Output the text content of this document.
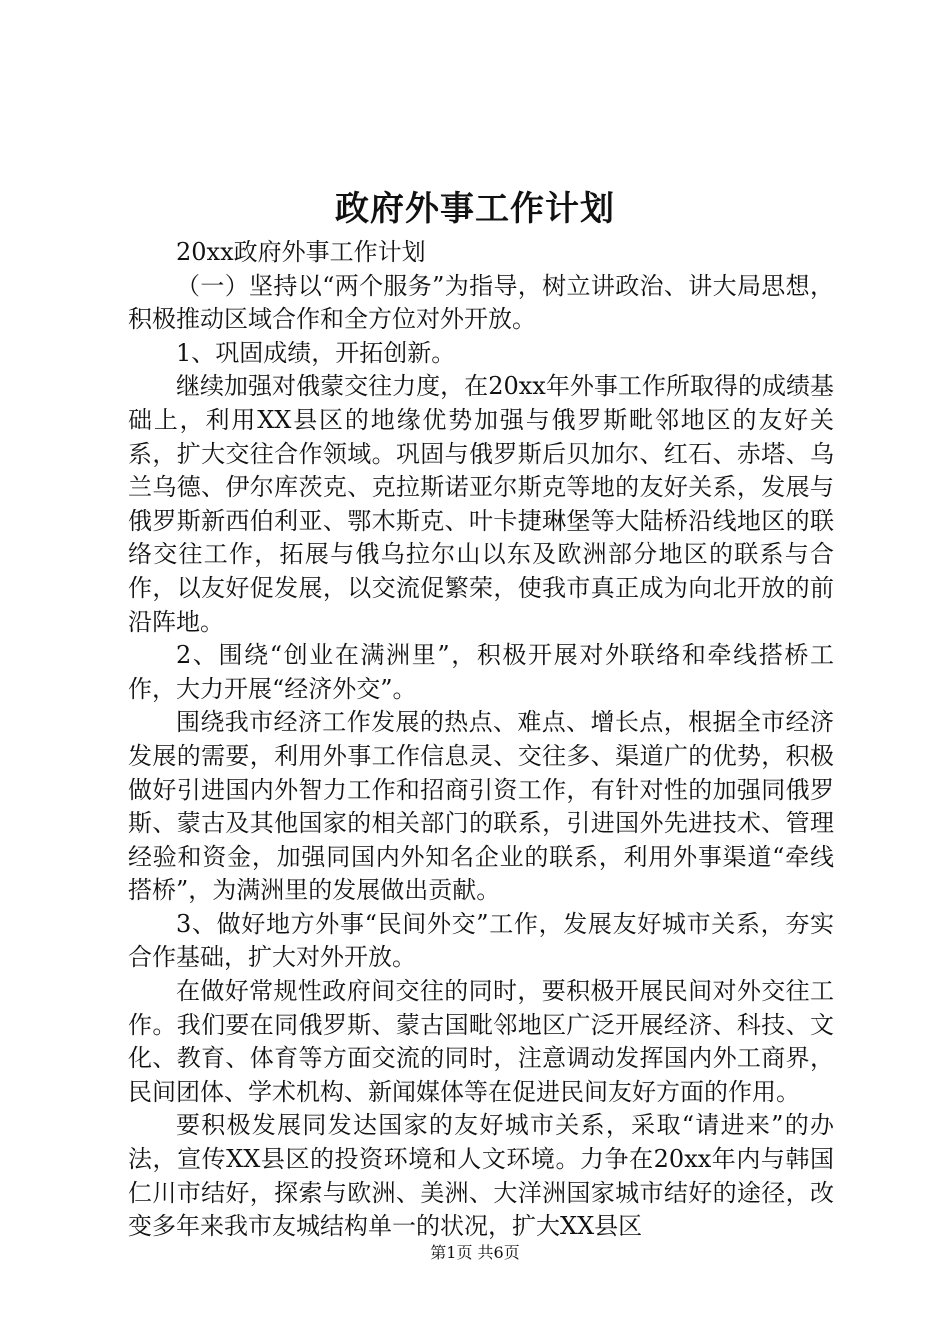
政府外事工作计划

20xx政府外事工作计划

（一）坚持以“两个服务”为指导，树立讲政治、讲大局思想，积极推动区域合作和全方位对外开放。

1、巩固成绩，开拓创新。

继续加强对俄蒙交往力度，在20xx年外事工作所取得的成绩基础上，利用XX县区的地缘优势加强与俄罗斯毗邻地区的友好关系，扩大交往合作领域。巩固与俄罗斯后贝加尔、红石、赤塔、乌兰乌德、伊尔库茨克、克拉斯诺亚尔斯克等地的友好关系，发展与俄罗斯新西伯利亚、鄂木斯克、叶卡捷琳堡等大陆桥沿线地区的联络交往工作，拓展与俄乌拉尔山以东及欧洲部分地区的联系与合作，以友好促发展，以交流促繁荣，使我市真正成为向北开放的前沿阵地。

2、围绕“创业在满洲里”，积极开展对外联络和牵线搭桥工作，大力开展“经济外交”。

围绕我市经济工作发展的热点、难点、增长点，根据全市经济发展的需要，利用外事工作信息灵、交往多、渠道广的优势，积极做好引进国内外智力工作和招商引资工作，有针对性的加强同俄罗斯、蒙古及其他国家的相关部门的联系，引进国外先进技术、管理经验和资金，加强同国内外知名企业的联系，利用外事渠道“牵线搭桥”，为满洲里的发展做出贡献。

3、做好地方外事“民间外交”工作，发展友好城市关系，夯实合作基础，扩大对外开放。

在做好常规性政府间交往的同时，要积极开展民间对外交往工作。我们要在同俄罗斯、蒙古国毗邻地区广泛开展经济、科技、文化、教育、体育等方面交流的同时，注意调动发挥国内外工商界，民间团体、学术机构、新闻媒体等在促进民间友好方面的作用。

要积极发展同发达国家的友好城市关系，采取“请进来”的办法，宣传XX县区的投资环境和人文环境。力争在20xx年内与韩国仁川市结好，探索与欧洲、美洲、大洋洲国家城市结好的途径，改变多年来我市友城结构单一的状况，扩大XX县区

第1页 共6页
